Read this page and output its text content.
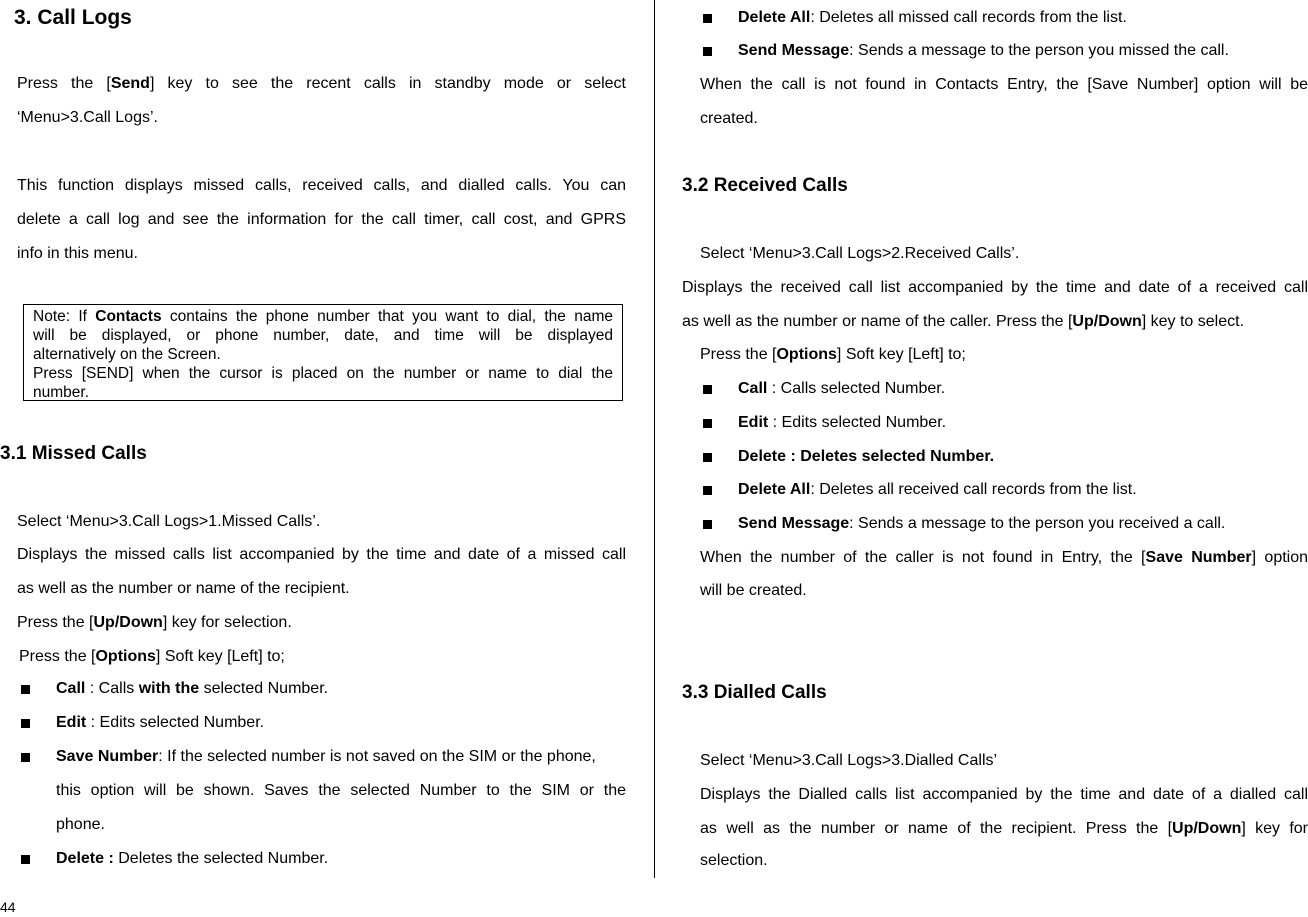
3. Call Logs
Press the [Send] key to see the recent calls in standby mode or select
‘Menu>3.Call Logs’.
This function displays missed calls, received calls, and dialled calls. You can
delete a call log and see the information for the call timer, call cost, and GPRS
info in this menu.
Note: If Contacts contains the phone number that you want to dial, the name
will be displayed, or phone number, date, and time will be displayed
alternatively on the Screen.
Press [SEND] when the cursor is placed on the number or name to dial the
number.
3.1 Missed Calls
Select ‘Menu>3.Call Logs>1.Missed Calls’.
Displays the missed calls list accompanied by the time and date of a missed call
as well as the number or name of the recipient.
Press the [Up/Down] key for selection.
Press the [Options] Soft key [Left] to;
Call : Calls with the selected Number.
Edit : Edits selected Number.
Save Number: If the selected number is not saved on the SIM or the phone,
this option will be shown. Saves the selected Number to the SIM or the
phone.
Delete : Deletes the selected Number.
44
Delete All: Deletes all missed call records from the list.
Send Message: Sends a message to the person you missed the call.
When the call is not found in Contacts Entry, the [Save Number] option will be
created.
3.2 Received Calls
Select ‘Menu>3.Call Logs>2.Received Calls’.
Displays the received call list accompanied by the time and date of a received call
as well as the number or name of the caller. Press the [Up/Down] key to select.
Press the [Options] Soft key [Left] to;
Call : Calls selected Number.
Edit : Edits selected Number.
Delete : Deletes selected Number.
Delete All: Deletes all received call records from the list.
Send Message: Sends a message to the person you received a call.
When the number of the caller is not found in Entry, the [Save Number] option
will be created.
3.3 Dialled Calls
Select ‘Menu>3.Call Logs>3.Dialled Calls’
Displays the Dialled calls list accompanied by the time and date of a dialled call
as well as the number or name of the recipient. Press the [Up/Down] key for
selection.
